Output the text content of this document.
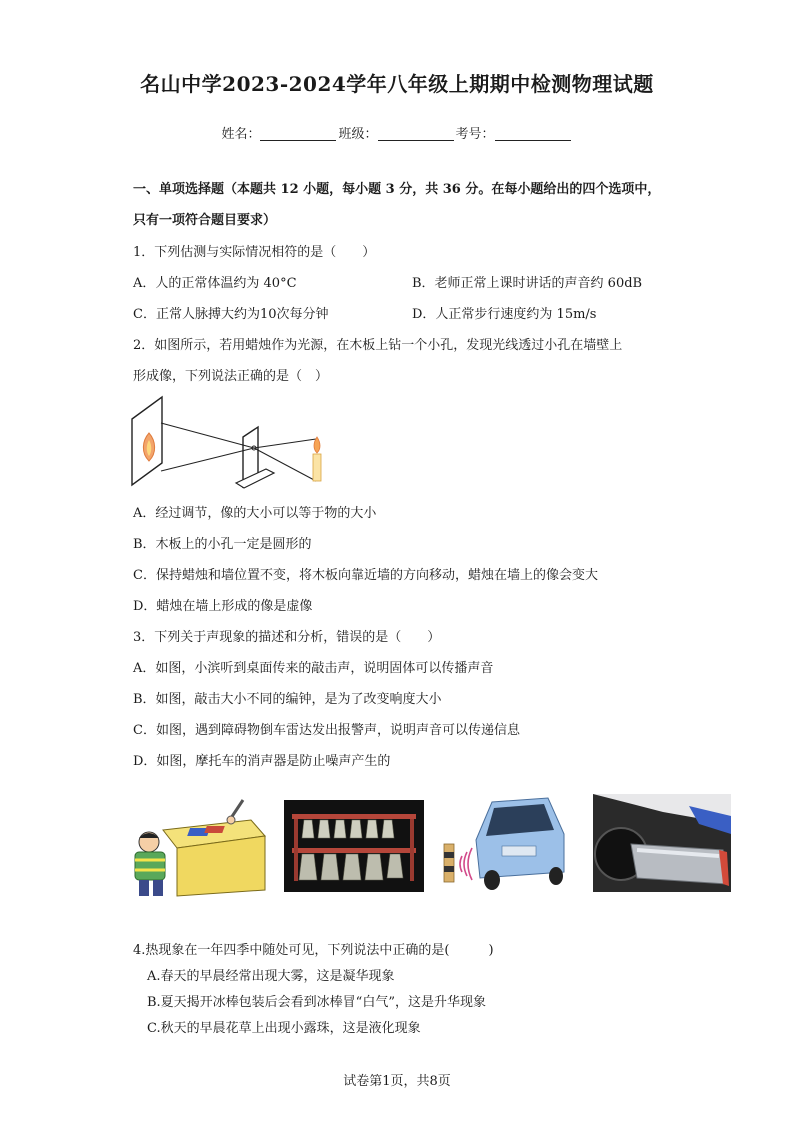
名山中学2023-2024学年八年级上期期中检测物理试题
姓名：	班级：	考号：
一、单项选择题（本题共 12 小题，每小题 3 分，共 36 分。在每小题给出的四个选项中，
只有一项符合题目要求）
1．下列估测与实际情况相符的是（　　）
A．人的正常体温约为 40°C	B．老师正常上课时讲话的声音约 60dB
C．正常人脉搏大约为10次每分钟	D．人正常步行速度约为 15m/s
2．如图所示，若用蜡烛作为光源，在木板上钻一个小孔，发现光线透过小孔在墙壁上
形成像，下列说法正确的是（　）
A．经过调节，像的大小可以等于物的大小
B．木板上的小孔一定是圆形的
C．保持蜡烛和墙位置不变，将木板向靠近墙的方向移动，蜡烛在墙上的像会变大
D．蜡烛在墙上形成的像是虚像
3．下列关于声现象的描述和分析，错误的是（　　）
A．如图，小滨听到桌面传来的敲击声，说明固体可以传播声音
B．如图，敲击大小不同的编钟，是为了改变响度大小
C．如图，遇到障碍物倒车雷达发出报警声，说明声音可以传递信息
D．如图，摩托车的消声器是防止噪声产生的
4.热现象在一年四季中随处可见，下列说法中正确的是(　　　)
A.春天的早晨经常出现大雾，这是凝华现象
B.夏天揭开冰棒包装后会看到冰棒冒“白气”，这是升华现象
C.秋天的早晨花草上出现小露珠，这是液化现象
试卷第1页，共8页
